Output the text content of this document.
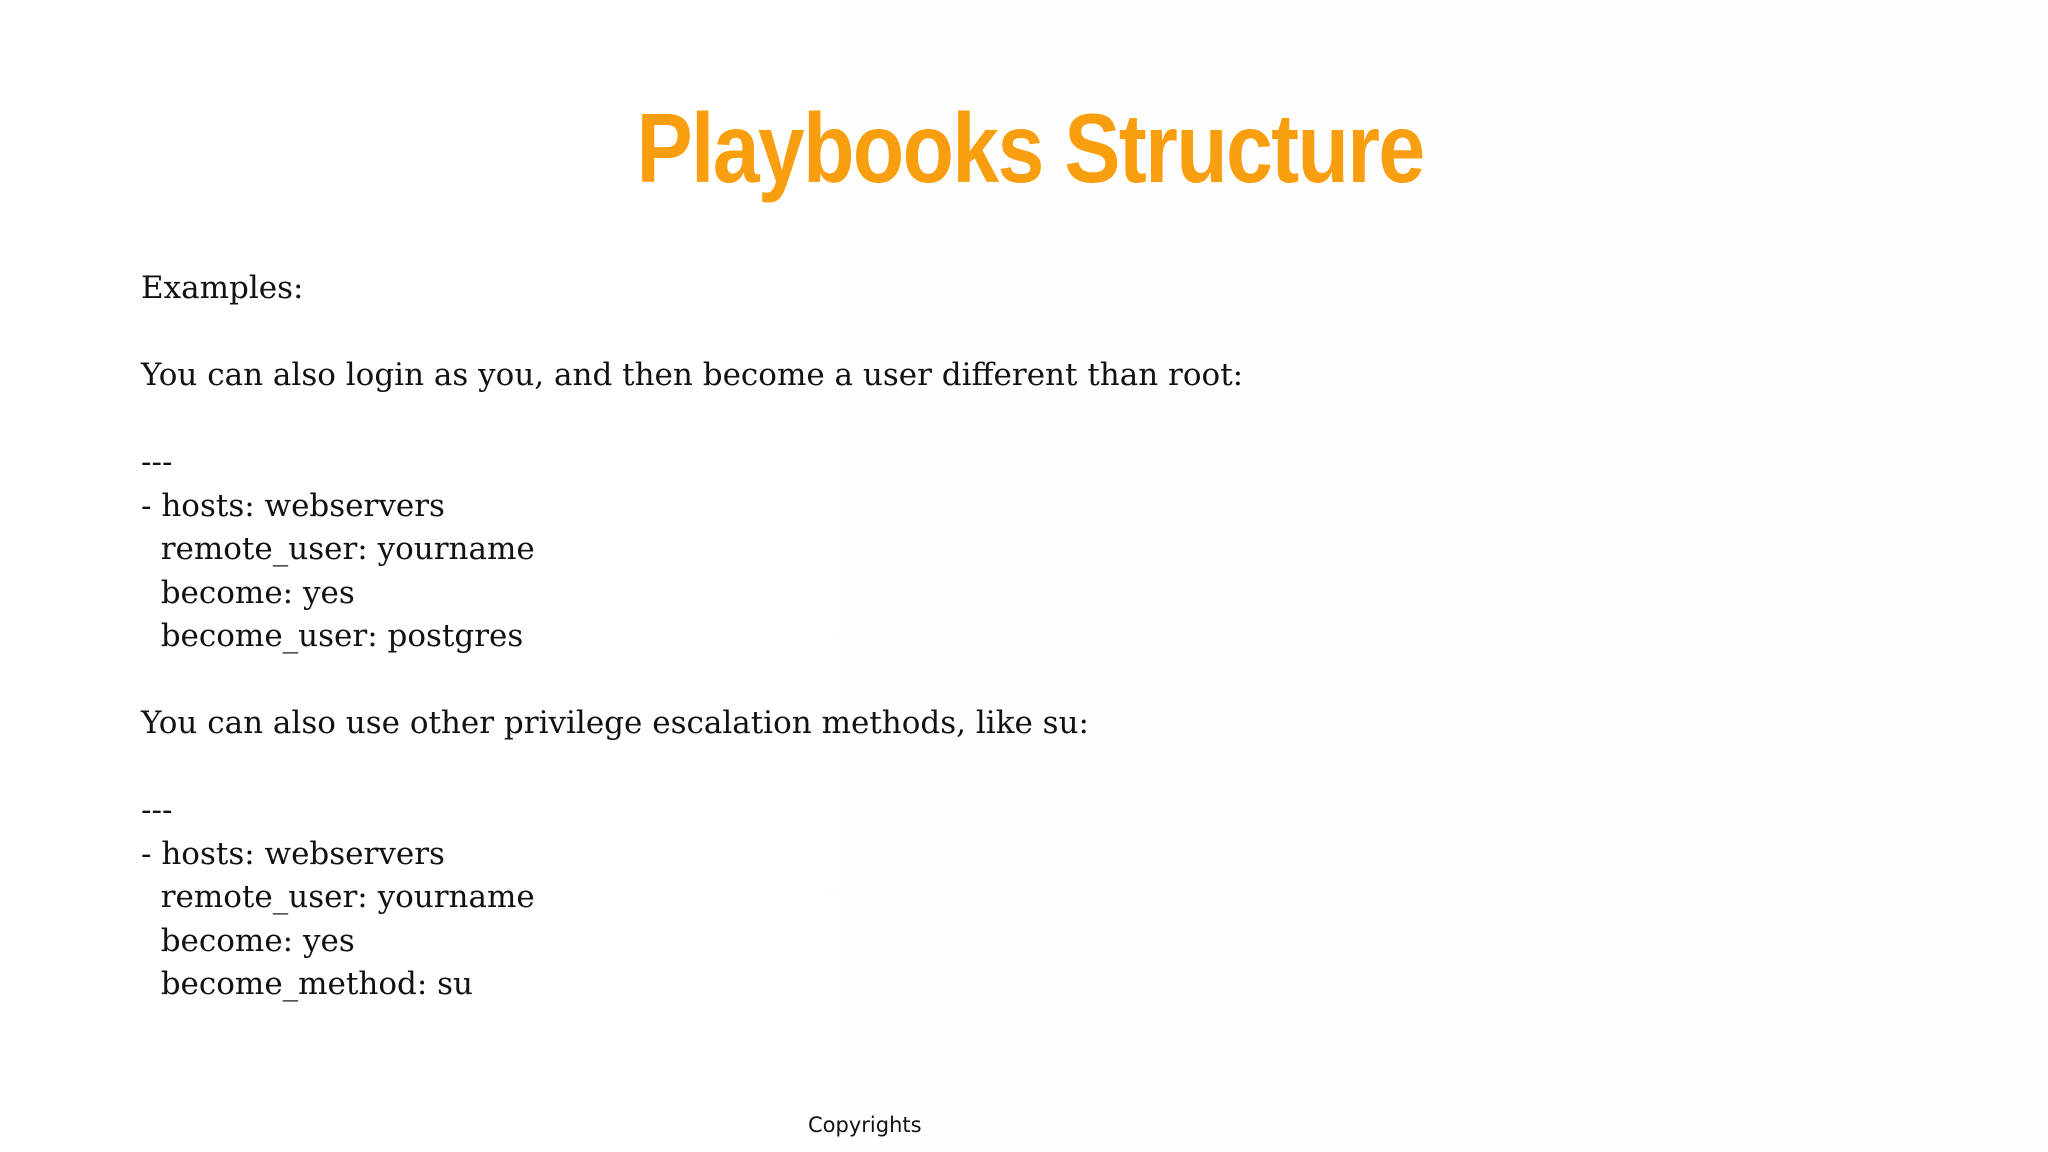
Playbooks Structure
Examples:
You can also login as you, and then become a user different than root:
---
- hosts: webservers
remote_user: yourname
become: yes
become_user: postgres
You can also use other privilege escalation methods, like su:
---
- hosts: webservers
remote_user: yourname
become: yes
become_method: su
Copyrights
